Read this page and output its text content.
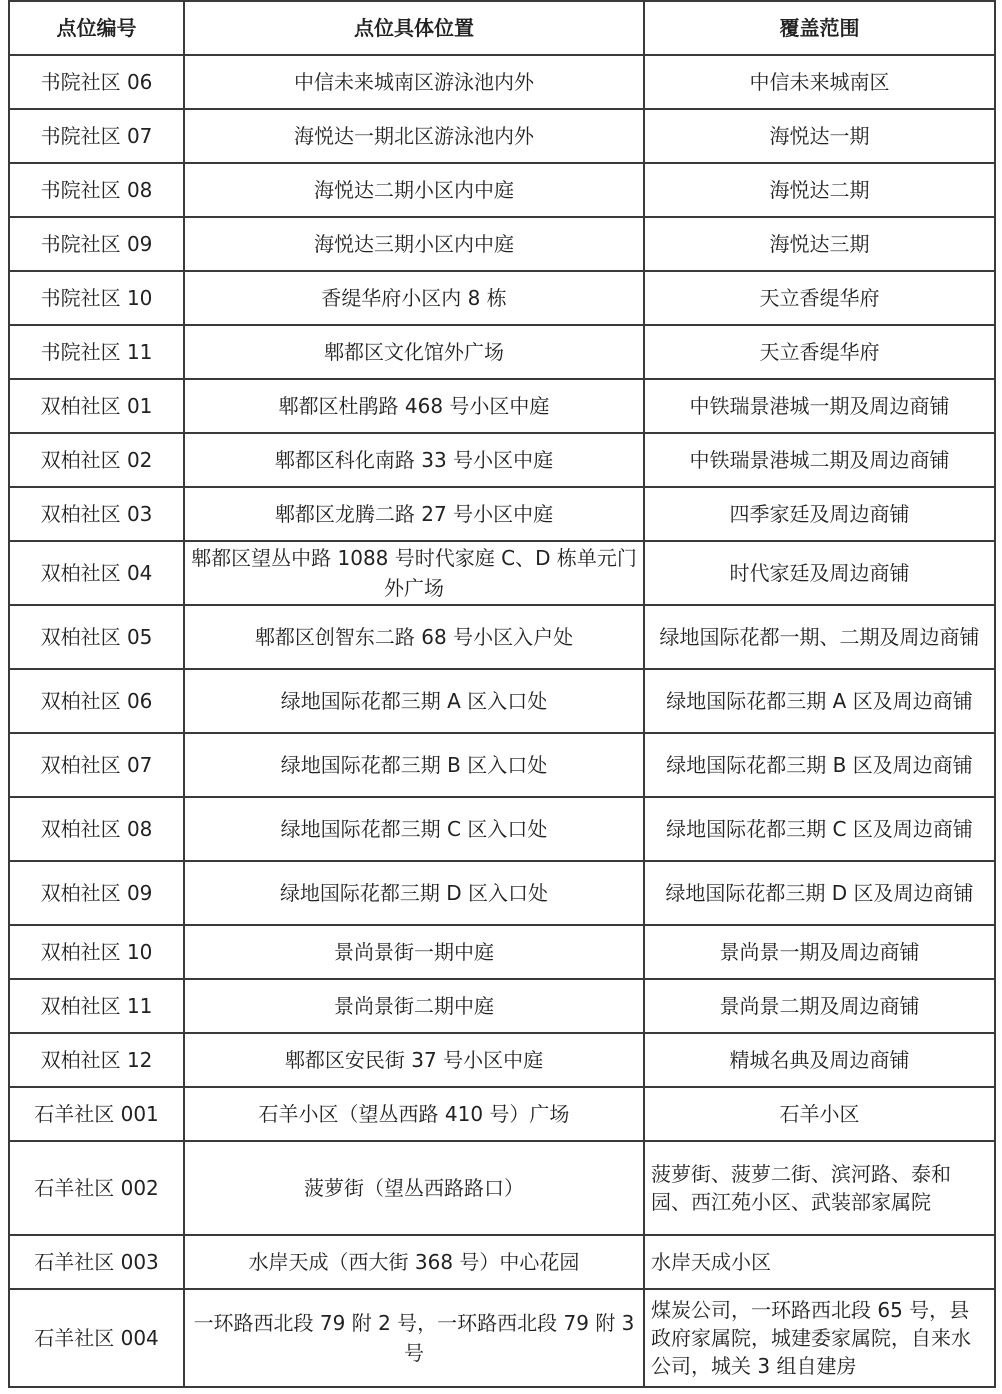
点位编号	点位具体位置	覆盖范围
书院社区 06	中信未来城南区游泳池内外	中信未来城南区
书院社区 07	海悦达一期北区游泳池内外	海悦达一期
书院社区 08	海悦达二期小区内中庭	海悦达二期
书院社区 09	海悦达三期小区内中庭	海悦达三期
书院社区 10	香缇华府小区内 8 栋	天立香缇华府
书院社区 11	郫都区文化馆外广场	天立香缇华府
双柏社区 01	郫都区杜鹃路 468 号小区中庭	中铁瑞景港城一期及周边商铺
双柏社区 02	郫都区科化南路 33 号小区中庭	中铁瑞景港城二期及周边商铺
双柏社区 03	郫都区龙腾二路 27 号小区中庭	四季家廷及周边商铺
双柏社区 04	郫都区望丛中路 1088 号时代家庭 C、D 栋单元门外广场	时代家廷及周边商铺
双柏社区 05	郫都区创智东二路 68 号小区入户处	绿地国际花都一期、二期及周边商铺
双柏社区 06	绿地国际花都三期 A 区入口处	绿地国际花都三期 A 区及周边商铺
双柏社区 07	绿地国际花都三期 B 区入口处	绿地国际花都三期 B 区及周边商铺
双柏社区 08	绿地国际花都三期 C 区入口处	绿地国际花都三期 C 区及周边商铺
双柏社区 09	绿地国际花都三期 D 区入口处	绿地国际花都三期 D 区及周边商铺
双柏社区 10	景尚景街一期中庭	景尚景一期及周边商铺
双柏社区 11	景尚景街二期中庭	景尚景二期及周边商铺
双柏社区 12	郫都区安民街 37 号小区中庭	精城名典及周边商铺
石羊社区 001	石羊小区（望丛西路 410 号）广场	石羊小区
石羊社区 002	菠萝街（望丛西路路口）	菠萝街、菠萝二街、滨河路、泰和园、西江苑小区、武装部家属院
石羊社区 003	水岸天成（西大街 368 号）中心花园	水岸天成小区
石羊社区 004	一环路西北段 79 附 2 号，一环路西北段 79 附 3 号	煤炭公司，一环路西北段 65 号，县政府家属院，城建委家属院，自来水公司，城关 3 组自建房
